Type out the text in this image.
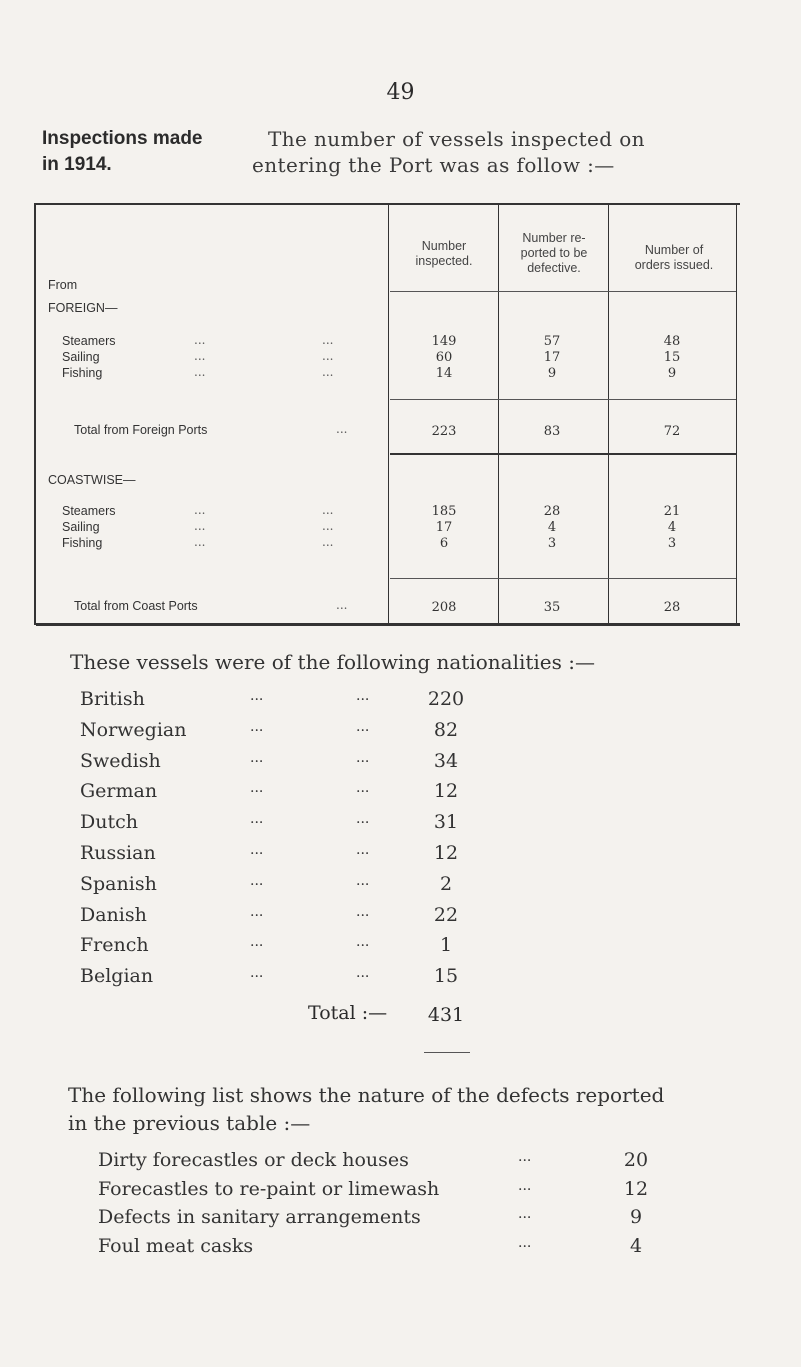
49
Inspections made
in 1914.
The number of vessels inspected on
entering the Port was as follow :—
Number
inspected.
Number re-
ported to be
defective.
Number of
orders issued.
From
FOREIGN—
Steamers	...	...	149	57	48
Sailing	...	...	60	17	15
Fishing	...	...	14	9	9
Total from Foreign Ports	...	223	83	72
COASTWISE—
Steamers	...	...	185	28	21
Sailing	...	...	17	4	4
Fishing	...	...	6	3	3
Total from Coast Ports	...	208	35	28
These vessels were of the following nationalities :—
British	...	...	220
Norwegian	...	...	82
Swedish	...	...	34
German	...	...	12
Dutch	...	...	31
Russian	...	...	12
Spanish	...	...	2
Danish	...	...	22
French	...	...	1
Belgian	...	...	15
Total :—	431
The following list shows the nature of the defects reported
in the previous table :—
Dirty forecastles or deck houses	...	20
Forecastles to re-paint or limewash	...	12
Defects in sanitary arrangements	...	9
Foul meat casks	...	4
